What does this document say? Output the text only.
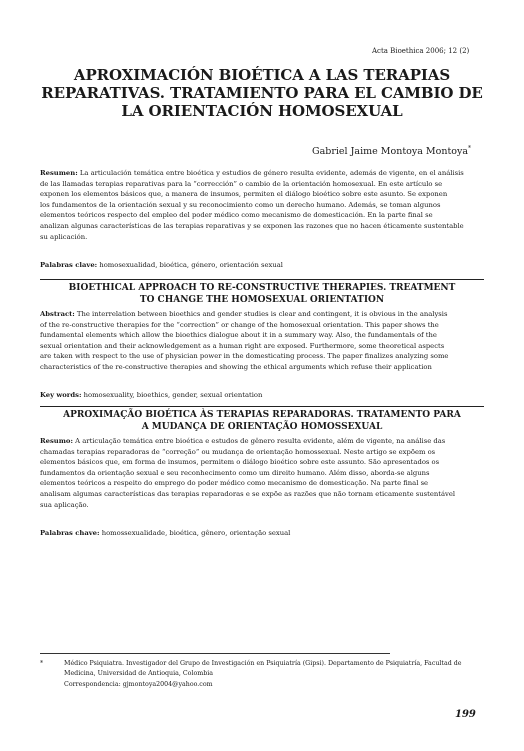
Acta Bioethica 2006; 12 (2)
APROXIMACIÓN BIOÉTICA A LAS TERAPIAS
REPARATIVAS. TRATAMIENTO PARA EL CAMBIO DE
LA ORIENTACIÓN HOMOSEXUAL
Gabriel Jaime Montoya Montoya*
Resumen: La articulación temática entre bioética y estudios de género resulta evidente, además de vigente, en el análisis
de las llamadas terapias reparativas para la “corrección” o cambio de la orientación homosexual. En este artículo se
exponen los elementos básicos que, a manera de insumos, permiten el diálogo bioético sobre este asunto. Se exponen
los fundamentos de la orientación sexual y su reconocimiento como un derecho humano. Además, se toman algunos
elementos teóricos respecto del empleo del poder médico como mecanismo de domesticación. En la parte final se
analizan algunas características de las terapias reparativas y se exponen las razones que no hacen éticamente sustentable
su aplicación.
Palabras clave: homosexualidad, bioética, género, orientación sexual
BIOETHICAL APPROACH TO RE-CONSTRUCTIVE THERAPIES. TREATMENT
TO CHANGE THE HOMOSEXUAL ORIENTATION
Abstract: The interrelation between bioethics and gender studies is clear and contingent, it is obvious in the analysis
of the re-constructive therapies for the “correction” or change of the homosexual orientation. This paper shows the
fundamental elements which allow the bioethics dialogue about it in a summary way. Also, the fundamentals of the
sexual orientation and their acknowledgement as a human right are exposed. Furthermore, some theoretical aspects
are taken with respect to the use of physician power in the domesticating process. The paper finalizes analyzing some
characteristics of the re-constructive therapies and showing the ethical arguments which refuse their application
Key words: homosexuality, bioethics, gender, sexual orientation
APROXIMAÇÃO BIOÉTICA ÀS TERAPIAS REPARADORAS. TRATAMENTO PARA
A MUDANÇA DE ORIENTAÇÃO HOMOSSEXUAL
Resumo: A articulação temática entre bioética e estudos de gênero resulta evidente, além de vigente, na análise das
chamadas terapias reparadoras de “correção” ou mudança de orientação homossexual. Neste artigo se expõem os
elementos básicos que, em forma de insumos, permitem o diálogo bioético sobre este assunto. São apresentados os
fundamentos da orientação sexual e seu reconhecimento como um direito humano. Além disso, aborda-se alguns
elementos teóricos a respeito do emprego do poder médico como mecanismo de domesticação. Na parte final se
analisam algumas características das terapias reparadoras e se expõe as razões que não tornam eticamente sustentável
sua aplicação.
Palabras chave: homossexualidade, bioética, gênero, orientação sexual
*	Médico Psiquiatra. Investigador del Grupo de Investigación en Psiquiatría (Gipsi). Departamento de Psiquiatría, Facultad de
Medicina, Universidad de Antioquia, Colombia
Correspondencia: gjmontoya2004@yahoo.com
199
